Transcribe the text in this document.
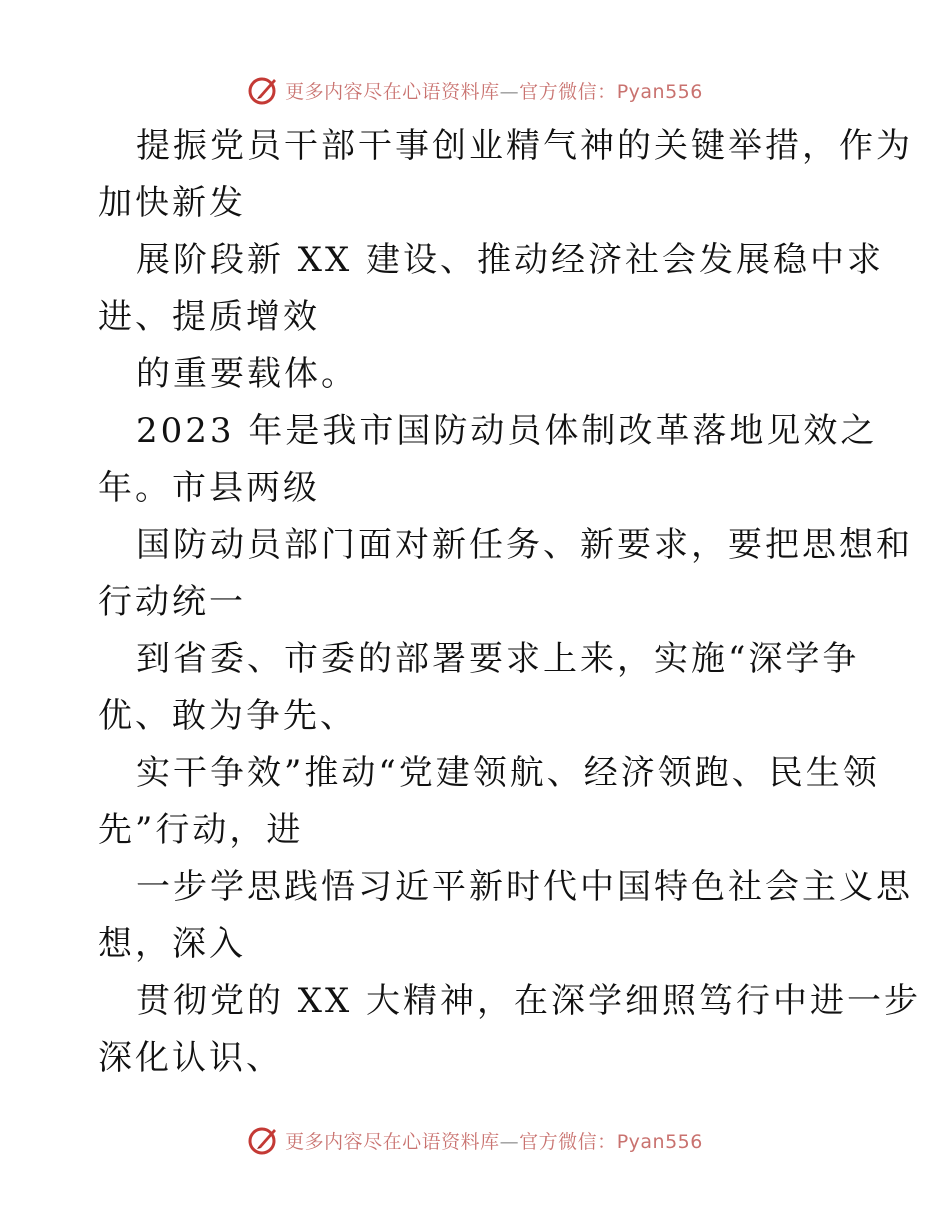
更多内容尽在心语资料库—官方微信：Pyan556
提振党员干部干事创业精气神的关键举措，作为
加快新发
展阶段新 XX 建设、推动经济社会发展稳中求
进、提质增效
的重要载体。
2023 年是我市国防动员体制改革落地见效之
年。市县两级
国防动员部门面对新任务、新要求，要把思想和
行动统一
到省委、市委的部署要求上来，实施“深学争
优、敢为争先、
实干争效”推动“党建领航、经济领跑、民生领
先”行动，进
一步学思践悟习近平新时代中国特色社会主义思
想，深入
贯彻党的 XX 大精神，在深学细照笃行中进一步
深化认识、
更多内容尽在心语资料库—官方微信：Pyan556
